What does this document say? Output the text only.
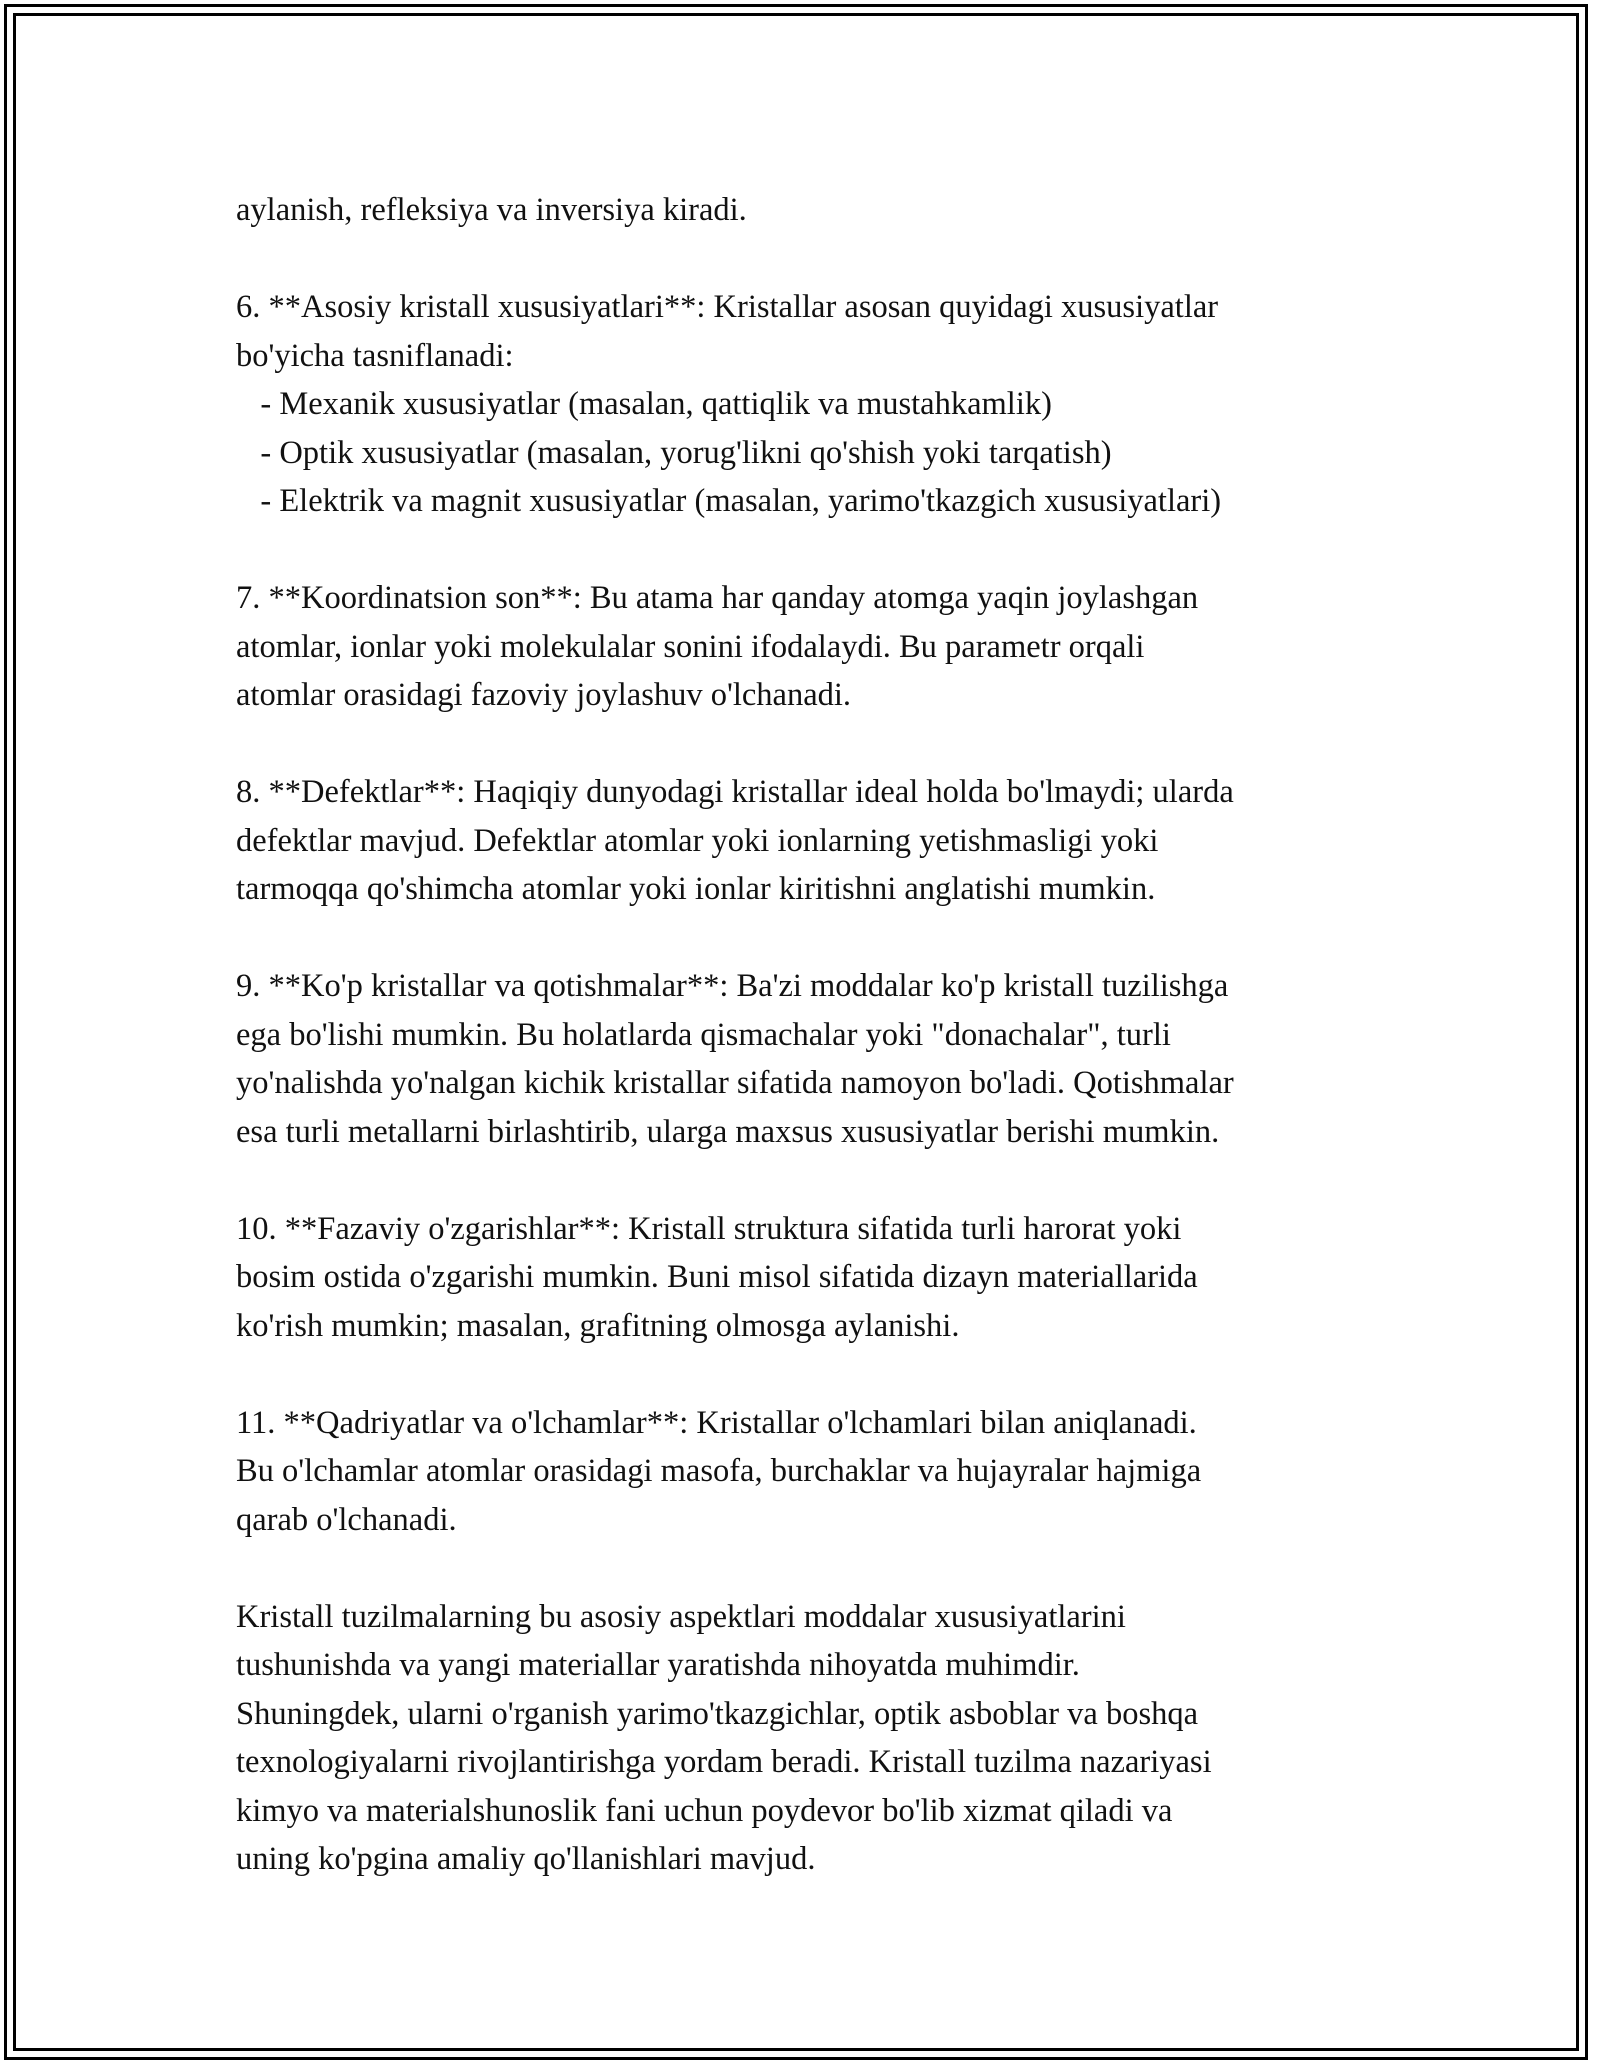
aylanish, refleksiya va inversiya kiradi.
6. **Asosiy kristall xususiyatlari**: Kristallar asosan quyidagi xususiyatlar
bo'yicha tasniflanadi:
- Mexanik xususiyatlar (masalan, qattiqlik va mustahkamlik)
- Optik xususiyatlar (masalan, yorug'likni qo'shish yoki tarqatish)
- Elektrik va magnit xususiyatlar (masalan, yarimo'tkazgich xususiyatlari)
7. **Koordinatsion son**: Bu atama har qanday atomga yaqin joylashgan
atomlar, ionlar yoki molekulalar sonini ifodalaydi. Bu parametr orqali
atomlar orasidagi fazoviy joylashuv o'lchanadi.
8. **Defektlar**: Haqiqiy dunyodagi kristallar ideal holda bo'lmaydi; ularda
defektlar mavjud. Defektlar atomlar yoki ionlarning yetishmasligi yoki
tarmoqqa qo'shimcha atomlar yoki ionlar kiritishni anglatishi mumkin.
9. **Ko'p kristallar va qotishmalar**: Ba'zi moddalar ko'p kristall tuzilishga
ega bo'lishi mumkin. Bu holatlarda qismachalar yoki "donachalar", turli
yo'nalishda yo'nalgan kichik kristallar sifatida namoyon bo'ladi. Qotishmalar
esa turli metallarni birlashtirib, ularga maxsus xususiyatlar berishi mumkin.
10. **Fazaviy o'zgarishlar**: Kristall struktura sifatida turli harorat yoki
bosim ostida o'zgarishi mumkin. Buni misol sifatida dizayn materiallarida
ko'rish mumkin; masalan, grafitning olmosga aylanishi.
11. **Qadriyatlar va o'lchamlar**: Kristallar o'lchamlari bilan aniqlanadi.
Bu o'lchamlar atomlar orasidagi masofa, burchaklar va hujayralar hajmiga
qarab o'lchanadi.
Kristall tuzilmalarning bu asosiy aspektlari moddalar xususiyatlarini
tushunishda va yangi materiallar yaratishda nihoyatda muhimdir.
Shuningdek, ularni o'rganish yarimo'tkazgichlar, optik asboblar va boshqa
texnologiyalarni rivojlantirishga yordam beradi. Kristall tuzilma nazariyasi
kimyo va materialshunoslik fani uchun poydevor bo'lib xizmat qiladi va
uning ko'pgina amaliy qo'llanishlari mavjud.
